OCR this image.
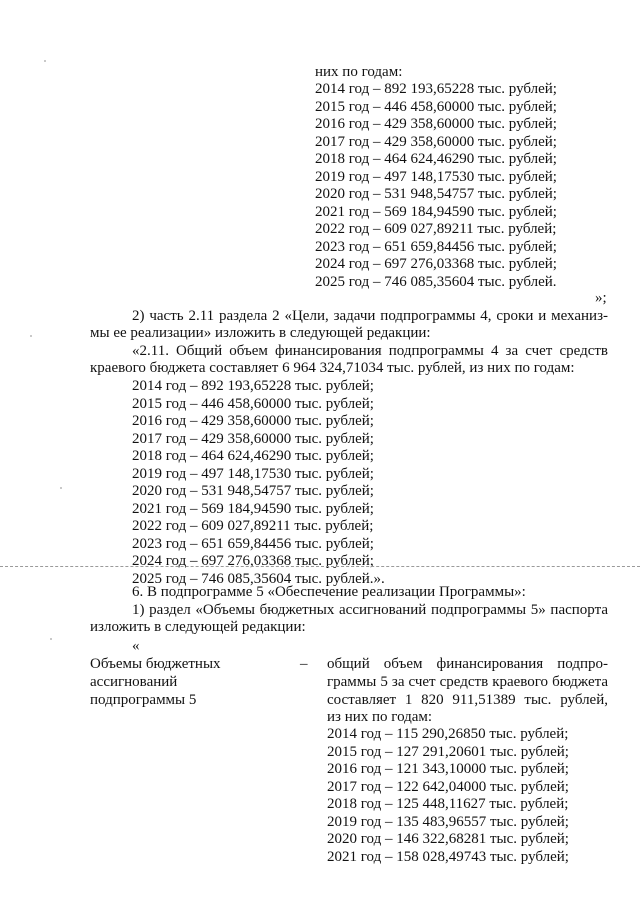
них по годам:
2014 год – 892 193,65228 тыс. рублей;
2015 год – 446 458,60000 тыс. рублей;
2016 год – 429 358,60000 тыс. рублей;
2017 год – 429 358,60000 тыс. рублей;
2018 год – 464 624,46290 тыс. рублей;
2019 год – 497 148,17530 тыс. рублей;
2020 год – 531 948,54757 тыс. рублей;
2021 год – 569 184,94590 тыс. рублей;
2022 год – 609 027,89211 тыс. рублей;
2023 год – 651 659,84456 тыс. рублей;
2024 год – 697 276,03368 тыс. рублей;
2025 год – 746 085,35604 тыс. рублей.
»;
2) часть 2.11 раздела 2 «Цели, задачи подпрограммы 4, сроки и механиз-
мы ее реализации» изложить в следующей редакции:
«2.11. Общий объем финансирования подпрограммы 4 за счет средств
краевого бюджета составляет 6 964 324,71034 тыс. рублей, из них по годам:
2014 год – 892 193,65228 тыс. рублей;
2015 год – 446 458,60000 тыс. рублей;
2016 год – 429 358,60000 тыс. рублей;
2017 год – 429 358,60000 тыс. рублей;
2018 год – 464 624,46290 тыс. рублей;
2019 год – 497 148,17530 тыс. рублей;
2020 год – 531 948,54757 тыс. рублей;
2021 год – 569 184,94590 тыс. рублей;
2022 год – 609 027,89211 тыс. рублей;
2023 год – 651 659,84456 тыс. рублей;
2024 год – 697 276,03368 тыс. рублей;
2025 год – 746 085,35604 тыс. рублей.».
6. В подпрограмме 5 «Обеспечение реализации Программы»:
1) раздел «Объемы бюджетных ассигнований подпрограммы 5» паспорта
изложить в следующей редакции:
«
Объемы бюджетных
ассигнований
подпрограммы 5
– общий объем финансирования подпро-
граммы 5 за счет средств краевого бюджета
составляет 1 820 911,51389 тыс. рублей,
из них по годам:
2014 год – 115 290,26850 тыс. рублей;
2015 год – 127 291,20601 тыс. рублей;
2016 год – 121 343,10000 тыс. рублей;
2017 год – 122 642,04000 тыс. рублей;
2018 год – 125 448,11627 тыс. рублей;
2019 год – 135 483,96557 тыс. рублей;
2020 год – 146 322,68281 тыс. рублей;
2021 год – 158 028,49743 тыс. рублей;
